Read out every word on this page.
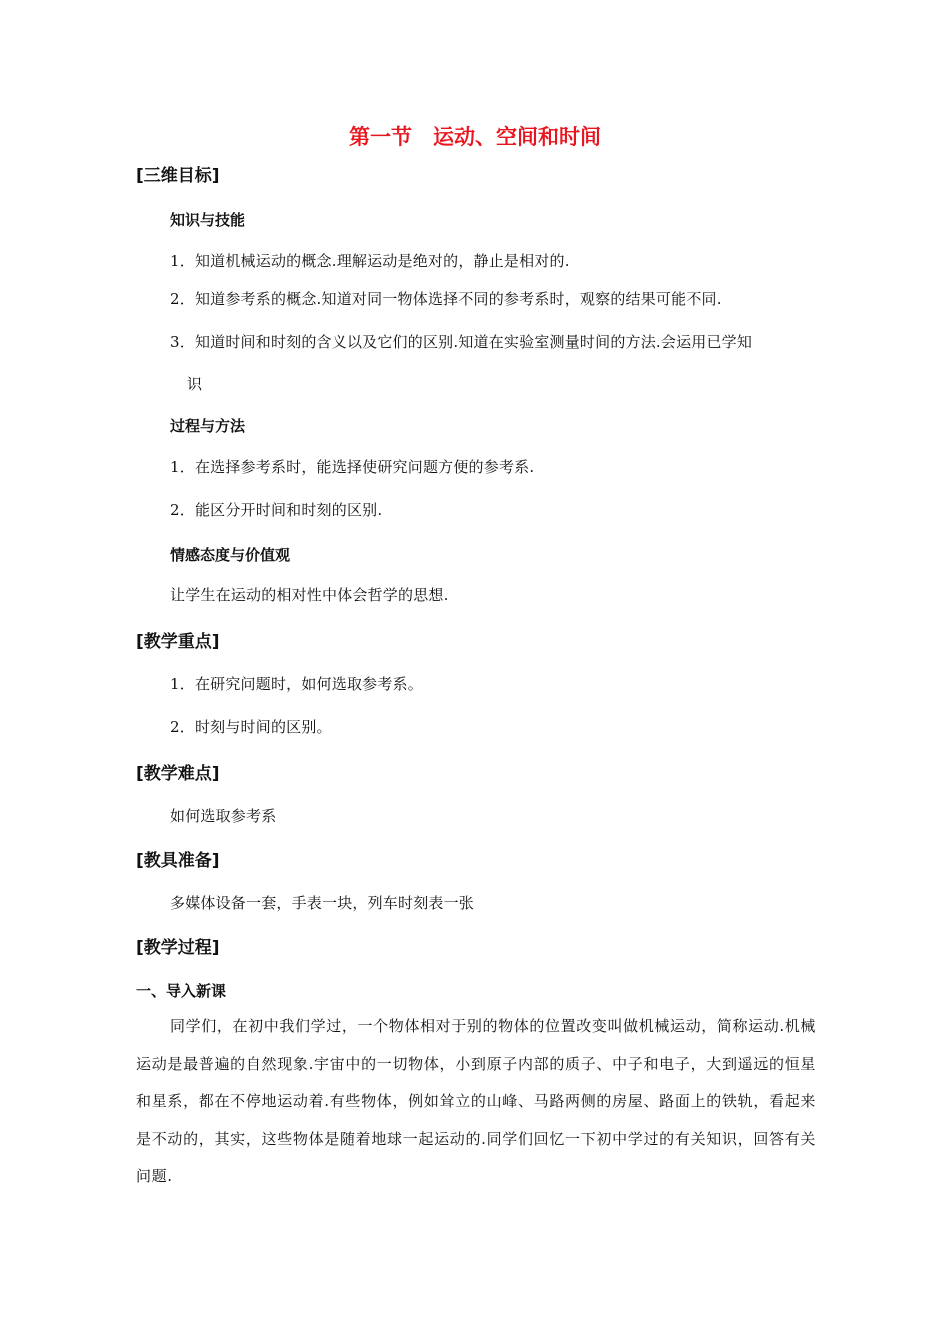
第一节　运动、空间和时间
[三维目标]
知识与技能
1．知道机械运动的概念.理解运动是绝对的，静止是相对的.
2．知道参考系的概念.知道对同一物体选择不同的参考系时，观察的结果可能不同.
3．知道时间和时刻的含义以及它们的区别.知道在实验室测量时间的方法.会运用已学知
识
过程与方法
1．在选择参考系时，能选择使研究问题方便的参考系.
2．能区分开时间和时刻的区别.
情感态度与价值观
让学生在运动的相对性中体会哲学的思想.
[教学重点]
1．在研究问题时，如何选取参考系。
2．时刻与时间的区别。
[教学难点]
如何选取参考系
[教具准备]
多媒体设备一套，手表一块，列车时刻表一张
[教学过程]
一、导入新课
同学们，在初中我们学过，一个物体相对于别的物体的位置改变叫做机械运动，简称运动.机械运动是最普遍的自然现象.宇宙中的一切物体，小到原子内部的质子、中子和电子，大到遥远的恒星和星系，都在不停地运动着.有些物体，例如耸立的山峰、马路两侧的房屋、路面上的铁轨，看起来是不动的，其实，这些物体是随着地球一起运动的.同学们回忆一下初中学过的有关知识，回答有关问题.
